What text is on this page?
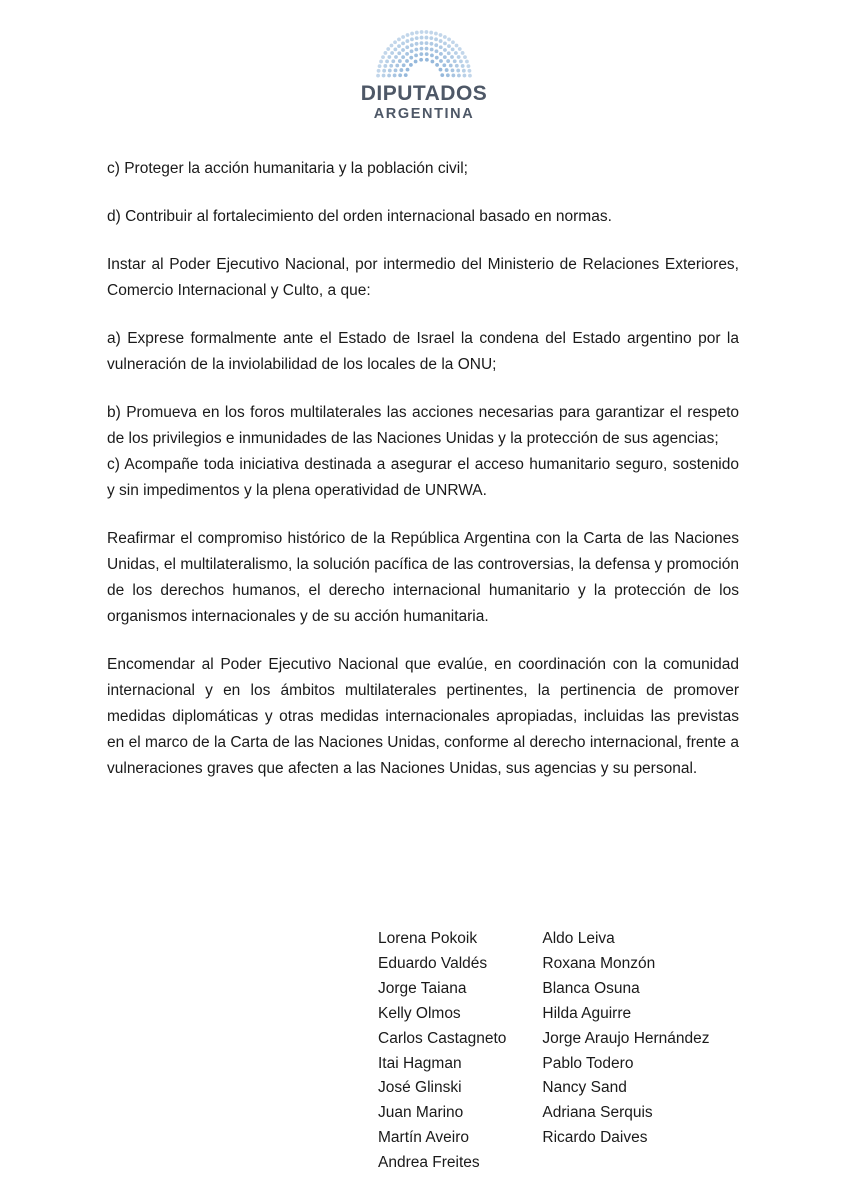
DIPUTADOS
ARGENTINA

c) Proteger la acción humanitaria y la población civil;

d) Contribuir al fortalecimiento del orden internacional basado en normas.

Instar al Poder Ejecutivo Nacional, por intermedio del Ministerio de Relaciones Exteriores, Comercio Internacional y Culto, a que:

a) Exprese formalmente ante el Estado de Israel la condena del Estado argentino por la vulneración de la inviolabilidad de los locales de la ONU;

b) Promueva en los foros multilaterales las acciones necesarias para garantizar el respeto de los privilegios e inmunidades de las Naciones Unidas y la protección de sus agencias;

c) Acompañe toda iniciativa destinada a asegurar el acceso humanitario seguro, sostenido y sin impedimentos y la plena operatividad de UNRWA.

Reafirmar el compromiso histórico de la República Argentina con la Carta de las Naciones Unidas, el multilateralismo, la solución pacífica de las controversias, la defensa y promoción de los derechos humanos, el derecho internacional humanitario y la protección de los organismos internacionales y de su acción humanitaria.

Encomendar al Poder Ejecutivo Nacional que evalúe, en coordinación con la comunidad internacional y en los ámbitos multilaterales pertinentes, la pertinencia de promover medidas diplomáticas y otras medidas internacionales apropiadas, incluidas las previstas en el marco de la Carta de las Naciones Unidas, conforme al derecho internacional, frente a vulneraciones graves que afecten a las Naciones Unidas, sus agencias y su personal.

Lorena Pokoik
Eduardo Valdés
Jorge Taiana
Kelly Olmos
Carlos Castagneto
Itai Hagman
José Glinski
Juan Marino
Martín Aveiro
Andrea Freites
Aldo Leiva
Roxana Monzón
Blanca Osuna
Hilda Aguirre
Jorge Araujo Hernández
Pablo Todero
Nancy Sand
Adriana Serquis
Ricardo Daives
